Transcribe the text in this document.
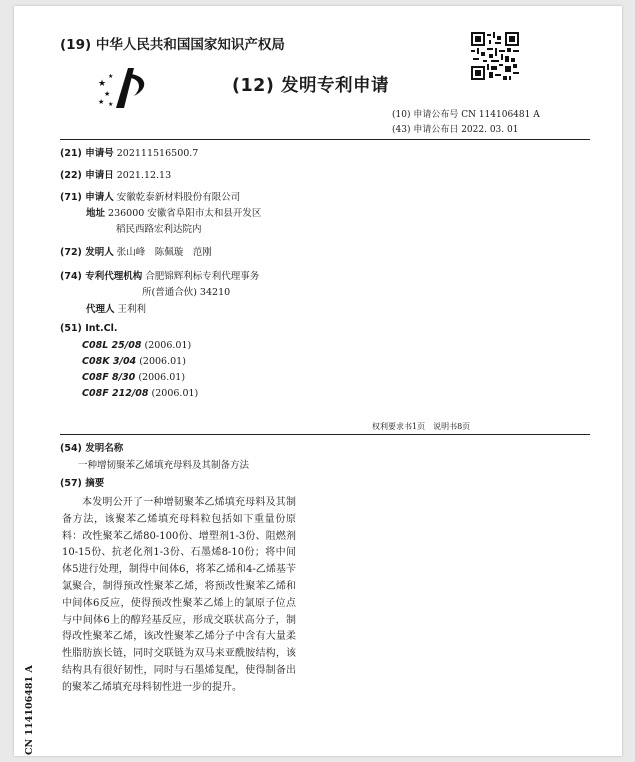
(19) 中华人民共和国国家知识产权局
★
★
★
★
★
(12) 发明专利申请
(10) 申请公布号 CN 114106481 A
(43) 申请公布日 2022. 03. 01
(21) 申请号 202111516500.7
(22) 申请日 2021.12.13
(71) 申请人 安徽乾泰新材料股份有限公司
地址 236000 安徽省阜阳市太和县开发区
稻民西路宏利达院内
(72) 发明人 张山峰　陈佩璇　范刚
(74) 专利代理机构 合肥锦辉利标专利代理事务
所(普通合伙) 34210
代理人 王利利
(51) Int.Cl.
C08L 25/08 (2006.01)
C08K 3/04 (2006.01)
C08F 8/30 (2006.01)
C08F 212/08 (2006.01)
权利要求书1页　说明书8页
(54) 发明名称
一种增韧聚苯乙烯填充母料及其制备方法
(57) 摘要

本发明公开了一种增韧聚苯乙烯填充母料及其制备方法，该聚苯乙烯填充母料粒包括如下重量份原料：改性聚苯乙烯80-100份、增塑剂1-3份、阻燃剂10-15份、抗老化剂1-3份、石墨烯8-10份；将中间体5进行处理，制得中间体6，将苯乙烯和4-乙烯基苄氯聚合，制得预改性聚苯乙烯，将预改性聚苯乙烯和中间体6反应，使得预改性聚苯乙烯上的氯原子位点与中间体6上的醇羟基反应，形成交联状高分子，制得改性聚苯乙烯，该改性聚苯乙烯分子中含有大量柔性脂肪族长链，同时交联链为双马来亚酰胺结构，该结构具有很好韧性，同时与石墨烯复配，使得制备出的聚苯乙烯填充母料韧性进一步的提升。

CN 114106481 A
